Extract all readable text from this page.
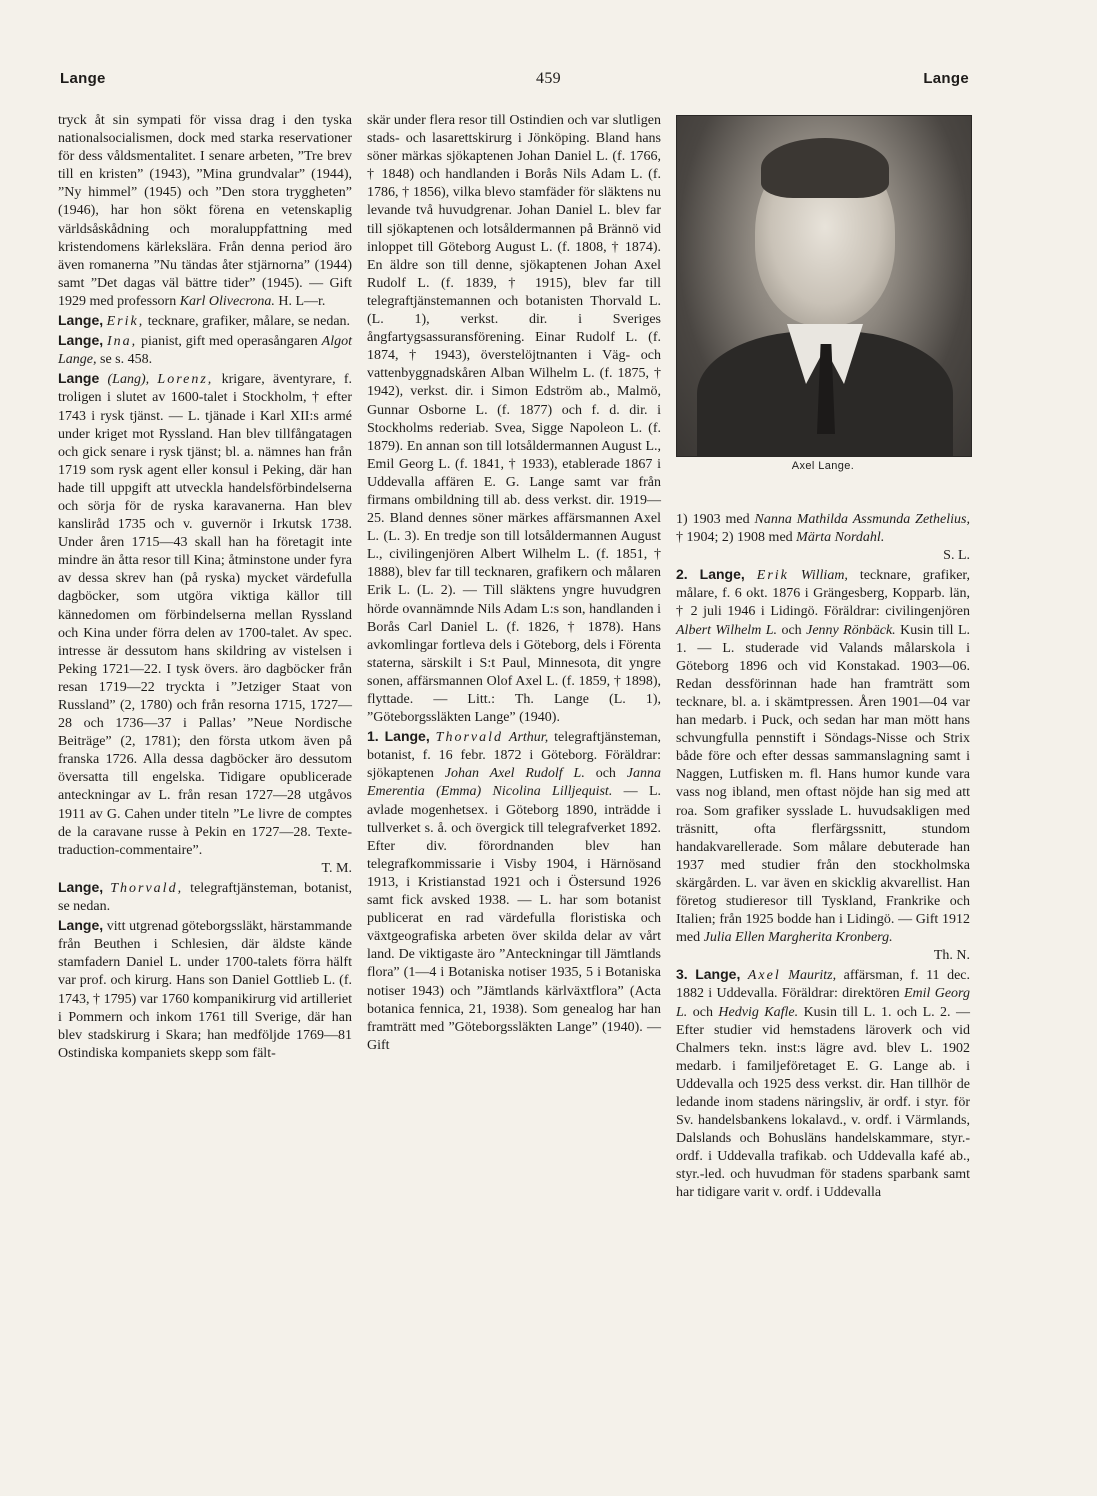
Lange	459	Lange

tryck åt sin sympati för vissa drag i den tyska nationalsocialismen, dock med starka reservationer för dess våldsmentalitet. I senare arbeten, ”Tre brev till en kristen” (1943), ”Mina grundvalar” (1944), ”Ny himmel” (1945) och ”Den stora tryggheten” (1946), har hon sökt förena en vetenskaplig världsåskådning och moraluppfattning med kristendomens kärlekslära. Från denna period äro även romanerna ”Nu tändas åter stjärnorna” (1944) samt ”Det dagas väl bättre tider” (1945). — Gift 1929 med professorn Karl Olivecrona. H. L—r.

Lange, Erik, tecknare, grafiker, målare, se nedan.

Lange, Ina, pianist, gift med operasångaren Algot Lange, se s. 458.

Lange (Lang), Lorenz, krigare, äventyrare, f. troligen i slutet av 1600-talet i Stockholm, † efter 1743 i rysk tjänst. — L. tjänade i Karl XII:s armé under kriget mot Ryssland. Han blev tillfångatagen och gick senare i rysk tjänst; bl. a. nämnes han från 1719 som rysk agent eller konsul i Peking, där han hade till uppgift att utveckla handelsförbindelserna och sörja för de ryska karavanerna. Han blev kansliråd 1735 och v. guvernör i Irkutsk 1738. Under åren 1715—43 skall han ha företagit inte mindre än åtta resor till Kina; åtminstone under fyra av dessa skrev han (på ryska) mycket värdefulla dagböcker, som utgöra viktiga källor till kännedomen om förbindelserna mellan Ryssland och Kina under förra delen av 1700-talet. Av spec. intresse är dessutom hans skildring av vistelsen i Peking 1721—22. I tysk övers. äro dagböcker från resan 1719—22 tryckta i ”Jetziger Staat von Russland” (2, 1780) och från resorna 1715, 1727—28 och 1736—37 i Pallas’ ”Neue Nordische Beiträge” (2, 1781); den första utkom även på franska 1726. Alla dessa dagböcker äro dessutom översatta till engelska. Tidigare opublicerade anteckningar av L. från resan 1727—28 utgåvos 1911 av G. Cahen under titeln ”Le livre de comptes de la caravane russe à Pekin en 1727—28. Texte-traduction-commentaire”.

T. M.

Lange, Thorvald, telegraftjänsteman, botanist, se nedan.

Lange, vitt utgrenad göteborgssläkt, härstammande från Beuthen i Schlesien, där äldste kände stamfadern Daniel L. under 1700-talets förra hälft var prof. och kirurg. Hans son Daniel Gottlieb L. (f. 1743, † 1795) var 1760 kompanikirurg vid artilleriet i Pommern och inkom 1761 till Sverige, där han blev stadskirurg i Skara; han medföljde 1769—81 Ostindiska kompaniets skepp som fält-

skär under flera resor till Ostindien och var slutligen stads- och lasarettskirurg i Jönköping. Bland hans söner märkas sjökaptenen Johan Daniel L. (f. 1766, † 1848) och handlanden i Borås Nils Adam L. (f. 1786, † 1856), vilka blevo stamfäder för släktens nu levande två huvudgrenar. Johan Daniel L. blev far till sjökaptenen och lotsåldermannen på Brännö vid inloppet till Göteborg August L. (f. 1808, † 1874). En äldre son till denne, sjökaptenen Johan Axel Rudolf L. (f. 1839, † 1915), blev far till telegraftjänstemannen och botanisten Thorvald L. (L. 1), verkst. dir. i Sveriges ångfartygsassuransförening. Einar Rudolf L. (f. 1874, † 1943), överstelöjtnanten i Väg- och vattenbyggnadskåren Alban Wilhelm L. (f. 1875, † 1942), verkst. dir. i Simon Edström ab., Malmö, Gunnar Osborne L. (f. 1877) och f. d. dir. i Stockholms rederiab. Svea, Sigge Napoleon L. (f. 1879). En annan son till lotsåldermannen August L., Emil Georg L. (f. 1841, † 1933), etablerade 1867 i Uddevalla affären E. G. Lange samt var från firmans ombildning till ab. dess verkst. dir. 1919—25. Bland dennes söner märkes affärsmannen Axel L. (L. 3). En tredje son till lotsåldermannen August L., civilingenjören Albert Wilhelm L. (f. 1851, † 1888), blev far till tecknaren, grafikern och målaren Erik L. (L. 2). — Till släktens yngre huvudgren hörde ovannämnde Nils Adam L:s son, handlanden i Borås Carl Daniel L. (f. 1826, † 1878). Hans avkomlingar fortleva dels i Göteborg, dels i Förenta staterna, särskilt i S:t Paul, Minnesota, dit yngre sonen, affärsmannen Olof Axel L. (f. 1859, † 1898), flyttade. — Litt.: Th. Lange (L. 1), ”Göteborgssläkten Lange” (1940).

1. Lange, Thorvald Arthur, telegraftjänsteman, botanist, f. 16 febr. 1872 i Göteborg. Föräldrar: sjökaptenen Johan Axel Rudolf L. och Janna Emerentia (Emma) Nicolina Lilljequist. — L. avlade mogenhetsex. i Göteborg 1890, inträdde i tullverket s. å. och övergick till telegrafverket 1892. Efter div. förordnanden blev han telegrafkommissarie i Visby 1904, i Härnösand 1913, i Kristianstad 1921 och i Östersund 1926 samt fick avsked 1938. — L. har som botanist publicerat en rad värdefulla floristiska och växtgeografiska arbeten över skilda delar av vårt land. De viktigaste äro ”Anteckningar till Jämtlands flora” (1—4 i Botaniska notiser 1935, 5 i Botaniska notiser 1943) och ”Jämtlands kärlväxtflora” (Acta botanica fennica, 21, 1938). Som genealog har han framträtt med ”Göteborgssläkten Lange” (1940). — Gift

Axel Lange.

1) 1903 med Nanna Mathilda Assmunda Zethelius, † 1904; 2) 1908 med Märta Nordahl.

S. L.

2. Lange, Erik William, tecknare, grafiker, målare, f. 6 okt. 1876 i Grängesberg, Kopparb. län, † 2 juli 1946 i Lidingö. Föräldrar: civilingenjören Albert Wilhelm L. och Jenny Rönbäck. Kusin till L. 1. — L. studerade vid Valands målarskola i Göteborg 1896 och vid Konstakad. 1903—06. Redan dessförinnan hade han framträtt som tecknare, bl. a. i skämtpressen. Åren 1901—04 var han medarb. i Puck, och sedan har man mött hans schvungfulla pennstift i Söndags-Nisse och Strix både före och efter dessas sammanslagning samt i Naggen, Lutfisken m. fl. Hans humor kunde vara vass nog ibland, men oftast nöjde han sig med att roa. Som grafiker sysslade L. huvudsakligen med träsnitt, ofta flerfärgssnitt, stundom handakvarellerade. Som målare debuterade han 1937 med studier från den stockholmska skärgården. L. var även en skicklig akvarellist. Han företog studieresor till Tyskland, Frankrike och Italien; från 1925 bodde han i Lidingö. — Gift 1912 med Julia Ellen Margherita Kronberg.

Th. N.

3. Lange, Axel Mauritz, affärsman, f. 11 dec. 1882 i Uddevalla. Föräldrar: direktören Emil Georg L. och Hedvig Kafle. Kusin till L. 1. och L. 2. — Efter studier vid hemstadens läroverk och vid Chalmers tekn. inst:s lägre avd. blev L. 1902 medarb. i familjeföretaget E. G. Lange ab. i Uddevalla och 1925 dess verkst. dir. Han tillhör de ledande inom stadens näringsliv, är ordf. i styr. för Sv. handelsbankens lokalavd., v. ordf. i Värmlands, Dalslands och Bohusläns handelskammare, styr.-ordf. i Uddevalla trafikab. och Uddevalla kafé ab., styr.-led. och huvudman för stadens sparbank samt har tidigare varit v. ordf. i Uddevalla
